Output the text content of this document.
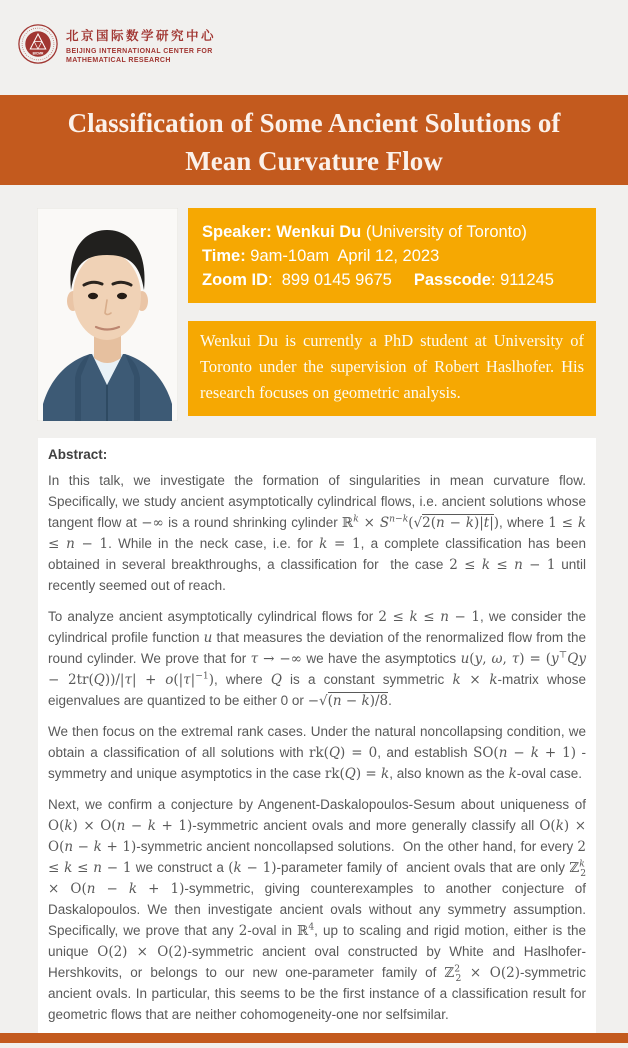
BICMR
北京国际数学研究中心
BEIJING INTERNATIONAL CENTER FOR
MATHEMATICAL RESEARCH
Classification of Some Ancient Solutions of
Mean Curvature Flow
Speaker: Wenkui Du (University of Toronto)
Time: 9am-10am  April 12, 2023
Zoom ID:  899 0145 9675 Passcode: 911245
Wenkui Du is currently a PhD student at University of Toronto under the supervision of Robert Haslhofer. His research focuses on geometric analysis.
Abstract:

In this talk, we investigate the formation of singularities in mean curvature flow. Specifically, we study ancient asymptotically cylindrical flows, i.e. ancient solutions whose tangent flow at −∞ is a round shrinking cylinder ℝ$^k$ × $S^{n-k}(√2(n - k)|t|)$, where 1 ≤ k ≤ n − 1. While in the neck case, i.e. for k = 1, a complete classification has been obtained in several breakthroughs, a classification for  the case 2 ≤ k ≤ n − 1 until recently seemed out of reach.

To analyze ancient asymptotically cylindrical flows for 2 ≤ k ≤ n − 1, we consider the cylindrical profile function u that measures the deviation of the renormalized flow from the round cylinder. We prove that for τ → −∞ we have the asymptotics u(y, ω, $\tau) = (y^⊤Qy - 2tr(Q))/|\tau| + o(|\tau|^{-1})$, where Q is a constant symmetric k × k-matrix whose eigenvalues are quantized to be either 0 or −√(n − k)/8.

We then focus on the extremal rank cases. Under the natural noncollapsing condition, we obtain a classification of all solutions with rk(Q) = 0, and establish SO(n − k + 1) -symmetry and unique asymptotics in the case rk(Q) = k, also known as the k-oval case.

Next, we confirm a conjecture by Angenent-Daskalopoulos-Sesum about uniqueness of O(k) × O(n − k + 1)-symmetric ancient ovals and more generally classify all O(k) × O(n − k + 1)-symmetric ancient noncollapsed solutions.  On the other hand, for every 2 ≤ k ≤ n − 1 we construct a (k − 1)-parameter family of  ancient ovals that are only ℤ$^k_2$ × O(n − k + 1)-symmetric, giving counterexamples to another conjecture of Daskalopoulos. We then investigate ancient ovals without any symmetry assumption. Specifically, we prove that any 2-oval in ℝ$^4$, up to scaling and rigid motion, either is the unique O(2) × O(2)-symmetric ancient oval constructed by White and Haslhofer-Hershkovits, or belongs to our new one-parameter family of ℤ$^2_2$ × O(2)-symmetric ancient ovals. In particular, this seems to be the first instance of a classification result for geometric flows that are neither cohomogeneity-one nor selfsimilar.
